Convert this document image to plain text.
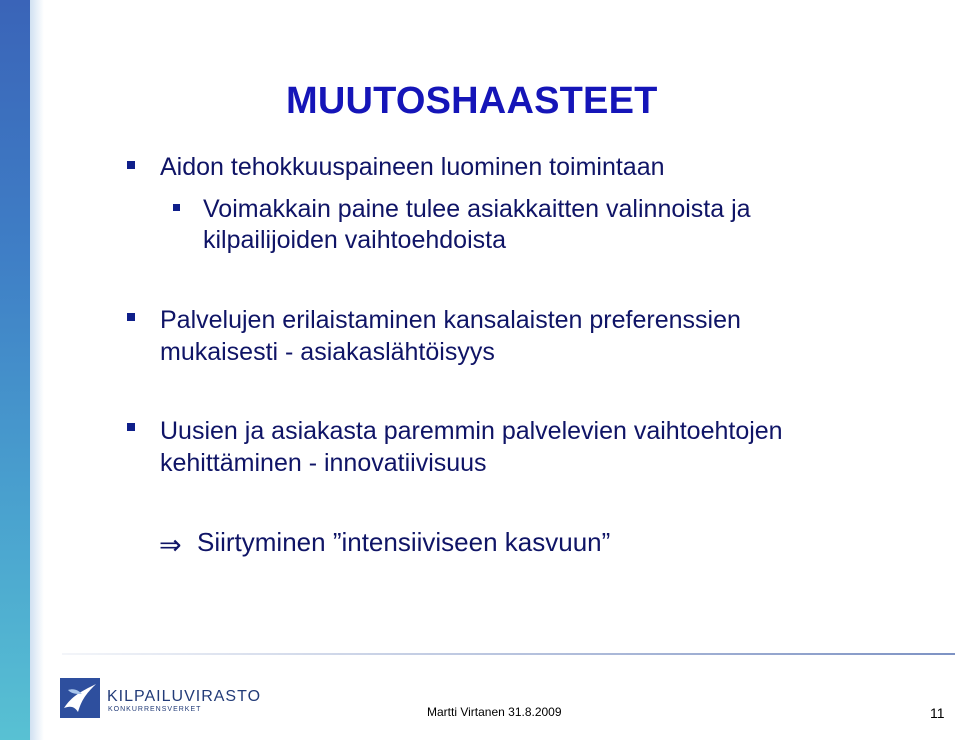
MUUTOSHAASTEET
Aidon tehokkuuspaineen luominen toimintaan
Voimakkain paine tulee asiakkaitten valinnoista ja
kilpailijoiden vaihtoehdoista
Palvelujen erilaistaminen kansalaisten preferenssien
mukaisesti - asiakaslähtöisyys
Uusien ja asiakasta paremmin palvelevien vaihtoehtojen
kehittäminen - innovatiivisuus
⇒ Siirtyminen ”intensiiviseen kasvuun”
KILPAILUVIRASTO
KONKURRENSVERKET	Martti Virtanen 31.8.2009	11
